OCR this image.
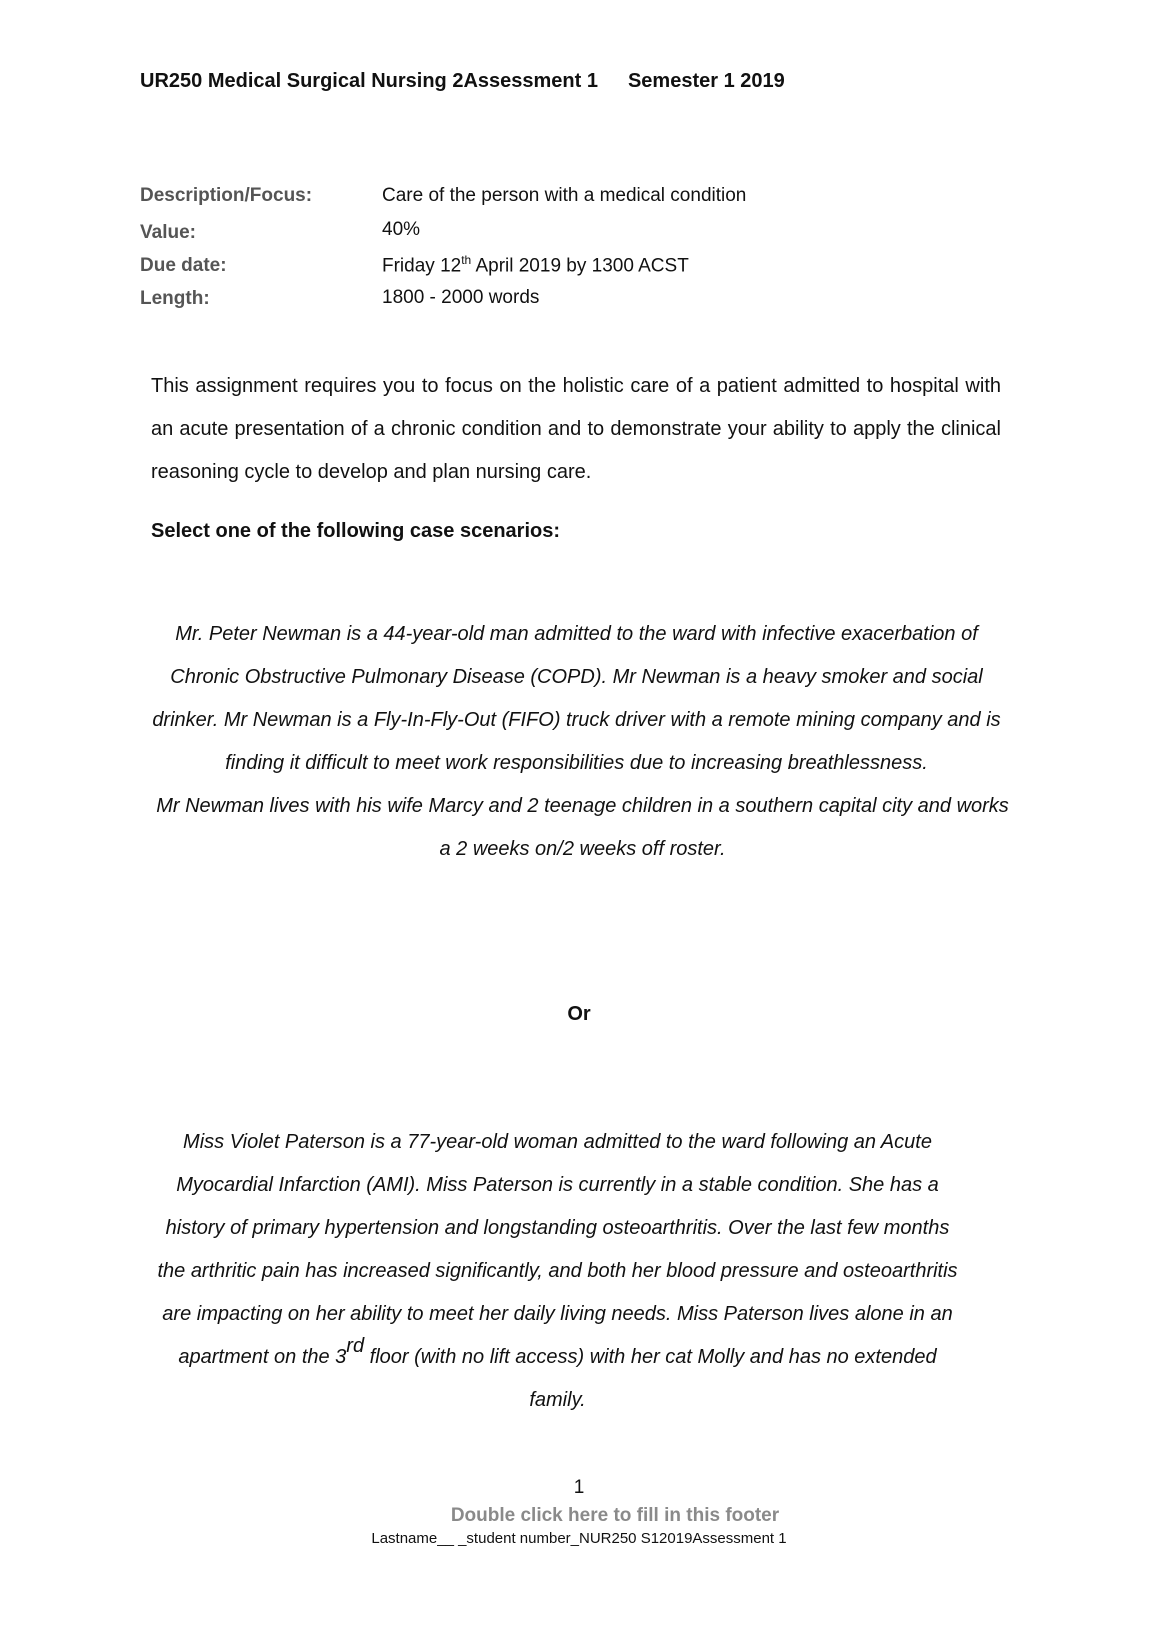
UR250 Medical Surgical Nursing 2Assessment 1 Semester 1 2019
Description/Focus:	Care of the person with a medical condition
Value:	40%
Due date:	Friday 12th April 2019 by 1300 ACST
Length:	1800 - 2000 words
This assignment requires you to focus on the holistic care of a patient admitted to hospital with an acute presentation of a chronic condition and to demonstrate your ability to apply the clinical reasoning cycle to develop and plan nursing care.
Select one of the following case scenarios:
Mr. Peter Newman is a 44-year-old man admitted to the ward with infective exacerbation of Chronic Obstructive Pulmonary Disease (COPD). Mr Newman is a heavy smoker and social drinker. Mr Newman is a Fly-In-Fly-Out (FIFO) truck driver with a remote mining company and is finding it difficult to meet work responsibilities due to increasing breathlessness.
Mr Newman lives with his wife Marcy and 2 teenage children in a southern capital city and works a 2 weeks on/2 weeks off roster.
Or
Miss Violet Paterson is a 77-year-old woman admitted to the ward following an Acute Myocardial Infarction (AMI). Miss Paterson is currently in a stable condition. She has a history of primary hypertension and longstanding osteoarthritis. Over the last few months the arthritic pain has increased significantly, and both her blood pressure and osteoarthritis are impacting on her ability to meet her daily living needs. Miss Paterson lives alone in an apartment on the 3rd floor (with no lift access) with her cat Molly and has no extended family.
1
Double click here to fill in this footer
Lastname__ _student number_NUR250 S12019Assessment 1
